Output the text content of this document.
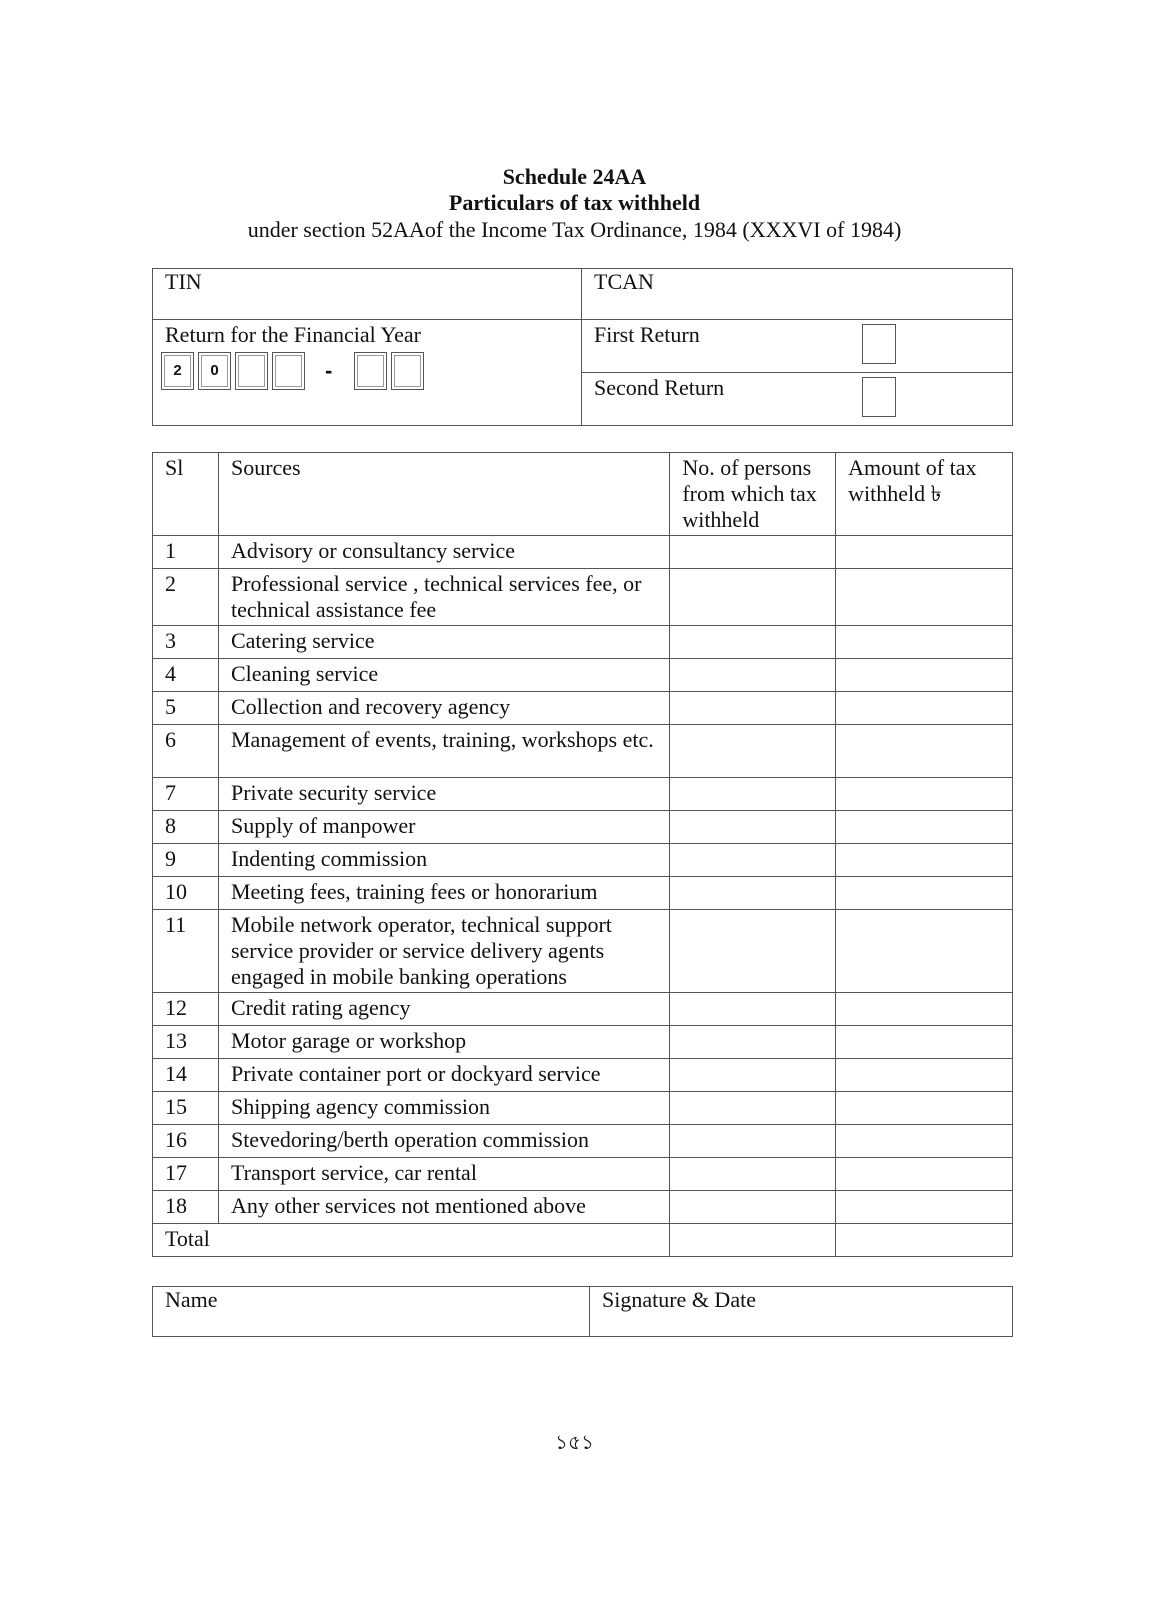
Schedule 24AA
Particulars of tax withheld
under section 52AAof the Income Tax Ordinance, 1984 (XXXVI of 1984)
TIN	TCAN

Return for the Financial Year
2 0 -	First Return

	Second Return
Sl	Sources	No. of persons from which tax withheld	Amount of tax withheld ৳
1	Advisory or consultancy service		
2	Professional service , technical services fee, or technical assistance fee		
3	Catering service		
4	Cleaning service		
5	Collection and recovery agency		
6	Management of events, training, workshops etc.		
7	Private security service		
8	Supply of manpower		
9	Indenting commission		
10	Meeting fees, training fees or honorarium		
11	Mobile network operator, technical support service provider or service delivery agents engaged in mobile banking operations		
12	Credit rating agency		
13	Motor garage or workshop		
14	Private container port or dockyard service		
15	Shipping agency commission		
16	Stevedoring/berth operation commission		
17	Transport service, car rental		
18	Any other services not mentioned above		
Total			
Name	Signature & Date
১৫১
